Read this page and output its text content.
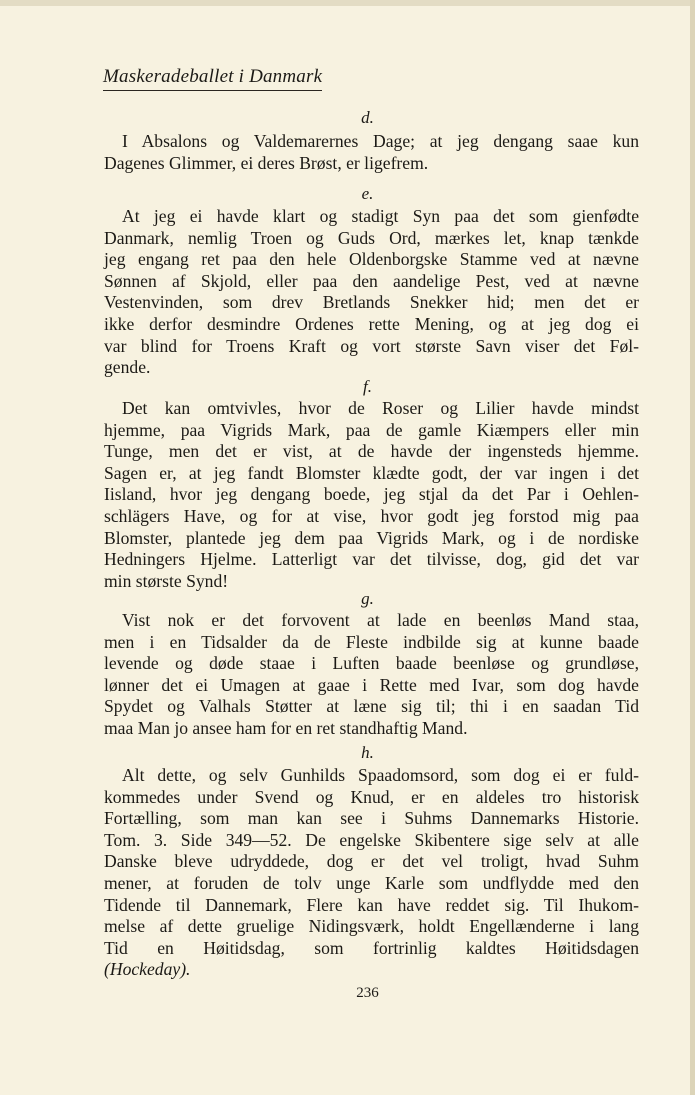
Maskeradeballet i Danmark
d.
I Absalons og Valdemarernes Dage; at jeg dengang saae kun
Dagenes Glimmer, ei deres Brøst, er ligefrem.
e.
At jeg ei havde klart og stadigt Syn paa det som gienfødte
Danmark, nemlig Troen og Guds Ord, mærkes let, knap tænkde
jeg engang ret paa den hele Oldenborgske Stamme ved at nævne
Sønnen af Skjold, eller paa den aandelige Pest, ved at nævne
Vestenvinden, som drev Bretlands Snekker hid; men det er
ikke derfor desmindre Ordenes rette Mening, og at jeg dog ei
var blind for Troens Kraft og vort største Savn viser det Føl-
gende.
f.
Det kan omtvivles, hvor de Roser og Lilier havde mindst
hjemme, paa Vigrids Mark, paa de gamle Kiæmpers eller min
Tunge, men det er vist, at de havde der ingensteds hjemme.
Sagen er, at jeg fandt Blomster klædte godt, der var ingen i det
Iisland, hvor jeg dengang boede, jeg stjal da det Par i Oehlen-
schlägers Have, og for at vise, hvor godt jeg forstod mig paa
Blomster, plantede jeg dem paa Vigrids Mark, og i de nordiske
Hedningers Hjelme. Latterligt var det tilvisse, dog, gid det var
min største Synd!
g.
Vist nok er det forvovent at lade en beenløs Mand staa,
men i en Tidsalder da de Fleste indbilde sig at kunne baade
levende og døde staae i Luften baade beenløse og grundløse,
lønner det ei Umagen at gaae i Rette med Ivar, som dog havde
Spydet og Valhals Støtter at læne sig til; thi i en saadan Tid
maa Man jo ansee ham for en ret standhaftig Mand.
h.
Alt dette, og selv Gunhilds Spaadomsord, som dog ei er fuld-
kommedes under Svend og Knud, er en aldeles tro historisk
Fortælling, som man kan see i Suhms Dannemarks Historie.
Tom. 3. Side 349—52. De engelske Skibentere sige selv at alle
Danske bleve udryddede, dog er det vel troligt, hvad Suhm
mener, at foruden de tolv unge Karle som undflydde med den
Tidende til Dannemark, Flere kan have reddet sig. Til Ihukom-
melse af dette gruelige Nidingsværk, holdt Engellænderne i lang
Tid en Høitidsdag, som fortrinlig kaldtes Høitidsdagen
(Hockeday).
236
